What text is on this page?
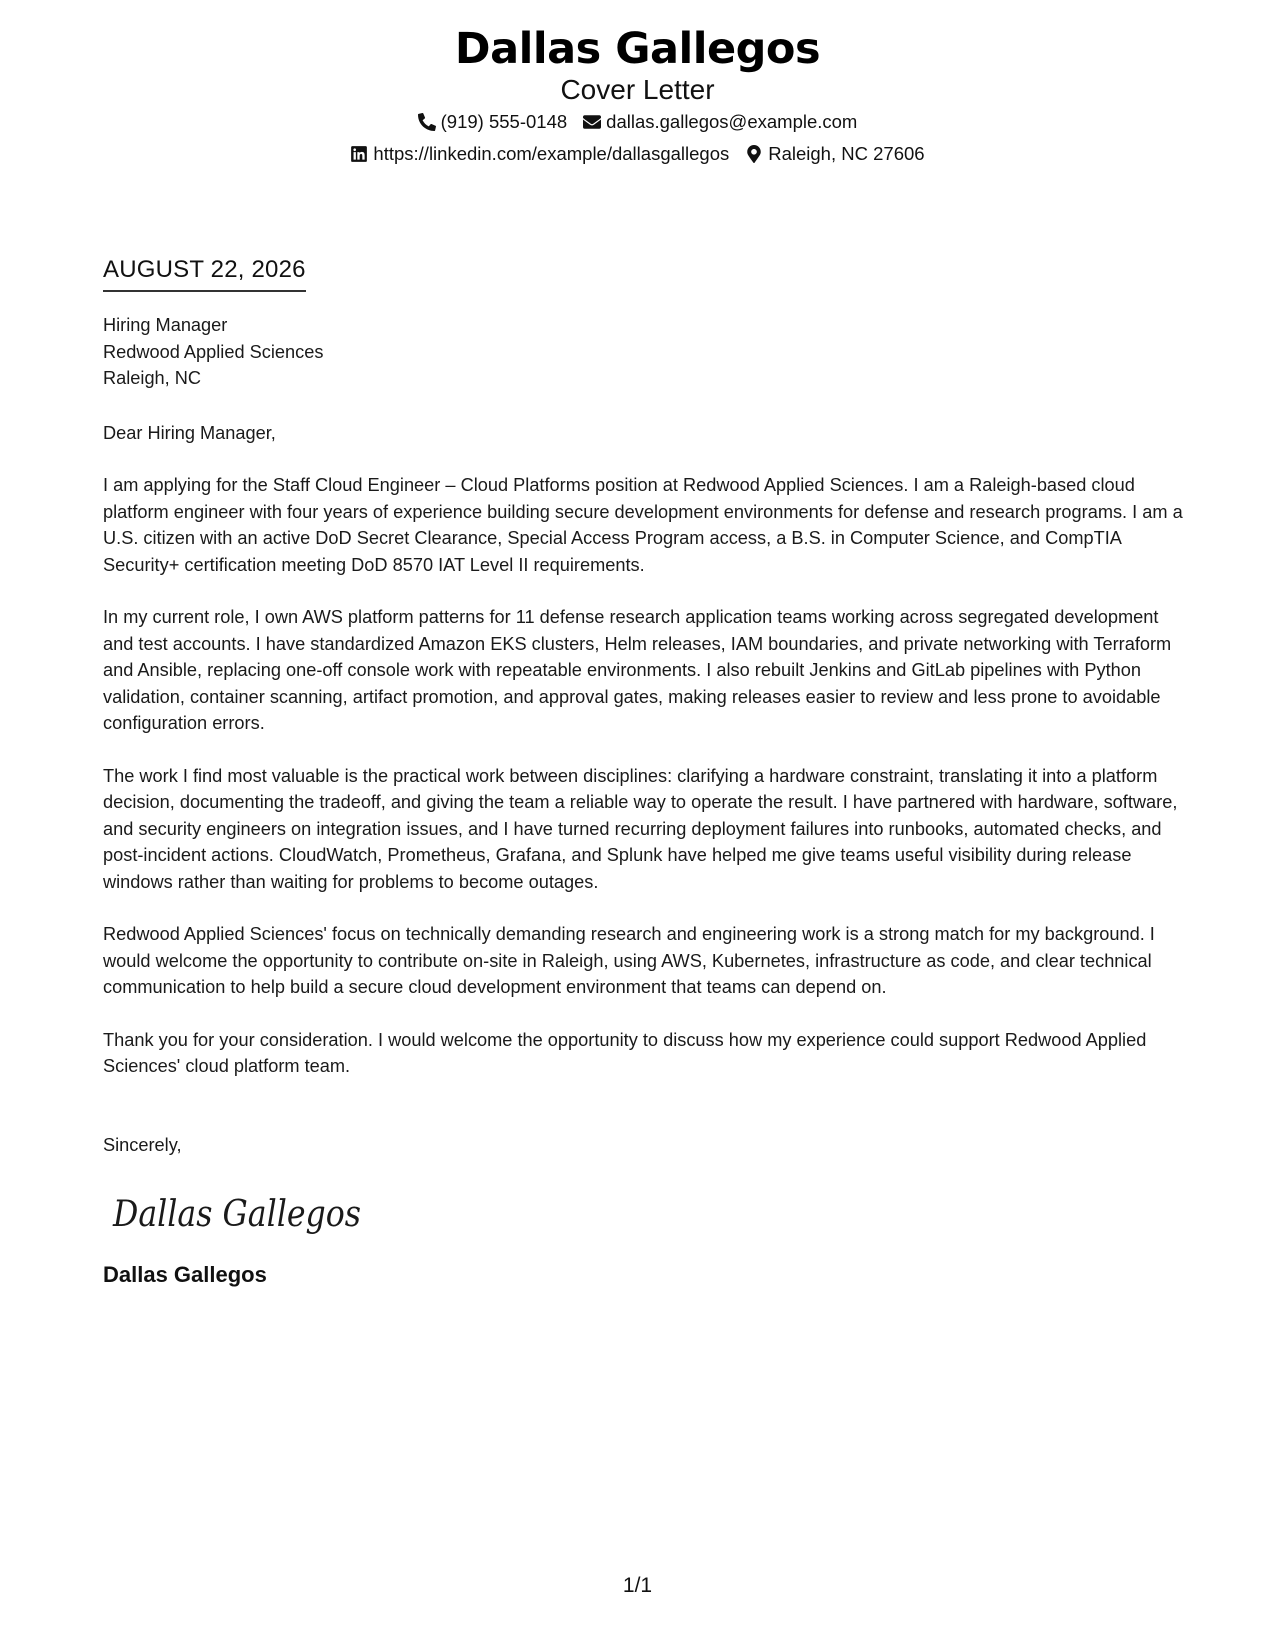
Dallas Gallegos
Cover Letter
(919) 555-0148 dallas.gallegos@example.com
https://linkedin.com/example/dallasgallegos Raleigh, NC 27606
AUGUST 22, 2026
Hiring Manager
Redwood Applied Sciences
Raleigh, NC
Dear Hiring Manager,
I am applying for the Staff Cloud Engineer – Cloud Platforms position at Redwood Applied Sciences. I am a Raleigh-based cloud platform engineer with four years of experience building secure development environments for defense and research programs. I am a U.S. citizen with an active DoD Secret Clearance, Special Access Program access, a B.S. in Computer Science, and CompTIA Security+ certification meeting DoD 8570 IAT Level II requirements.
In my current role, I own AWS platform patterns for 11 defense research application teams working across segregated development and test accounts. I have standardized Amazon EKS clusters, Helm releases, IAM boundaries, and private networking with Terraform and Ansible, replacing one-off console work with repeatable environments. I also rebuilt Jenkins and GitLab pipelines with Python validation, container scanning, artifact promotion, and approval gates, making releases easier to review and less prone to avoidable configuration errors.
The work I find most valuable is the practical work between disciplines: clarifying a hardware constraint, translating it into a platform decision, documenting the tradeoff, and giving the team a reliable way to operate the result. I have partnered with hardware, software, and security engineers on integration issues, and I have turned recurring deployment failures into runbooks, automated checks, and post-incident actions. CloudWatch, Prometheus, Grafana, and Splunk have helped me give teams useful visibility during release windows rather than waiting for problems to become outages.
Redwood Applied Sciences' focus on technically demanding research and engineering work is a strong match for my background. I would welcome the opportunity to contribute on-site in Raleigh, using AWS, Kubernetes, infrastructure as code, and clear technical communication to help build a secure cloud development environment that teams can depend on.
Thank you for your consideration. I would welcome the opportunity to discuss how my experience could support Redwood Applied Sciences' cloud platform team.
Sincerely,
Dallas Gallegos
Dallas Gallegos
1/1
